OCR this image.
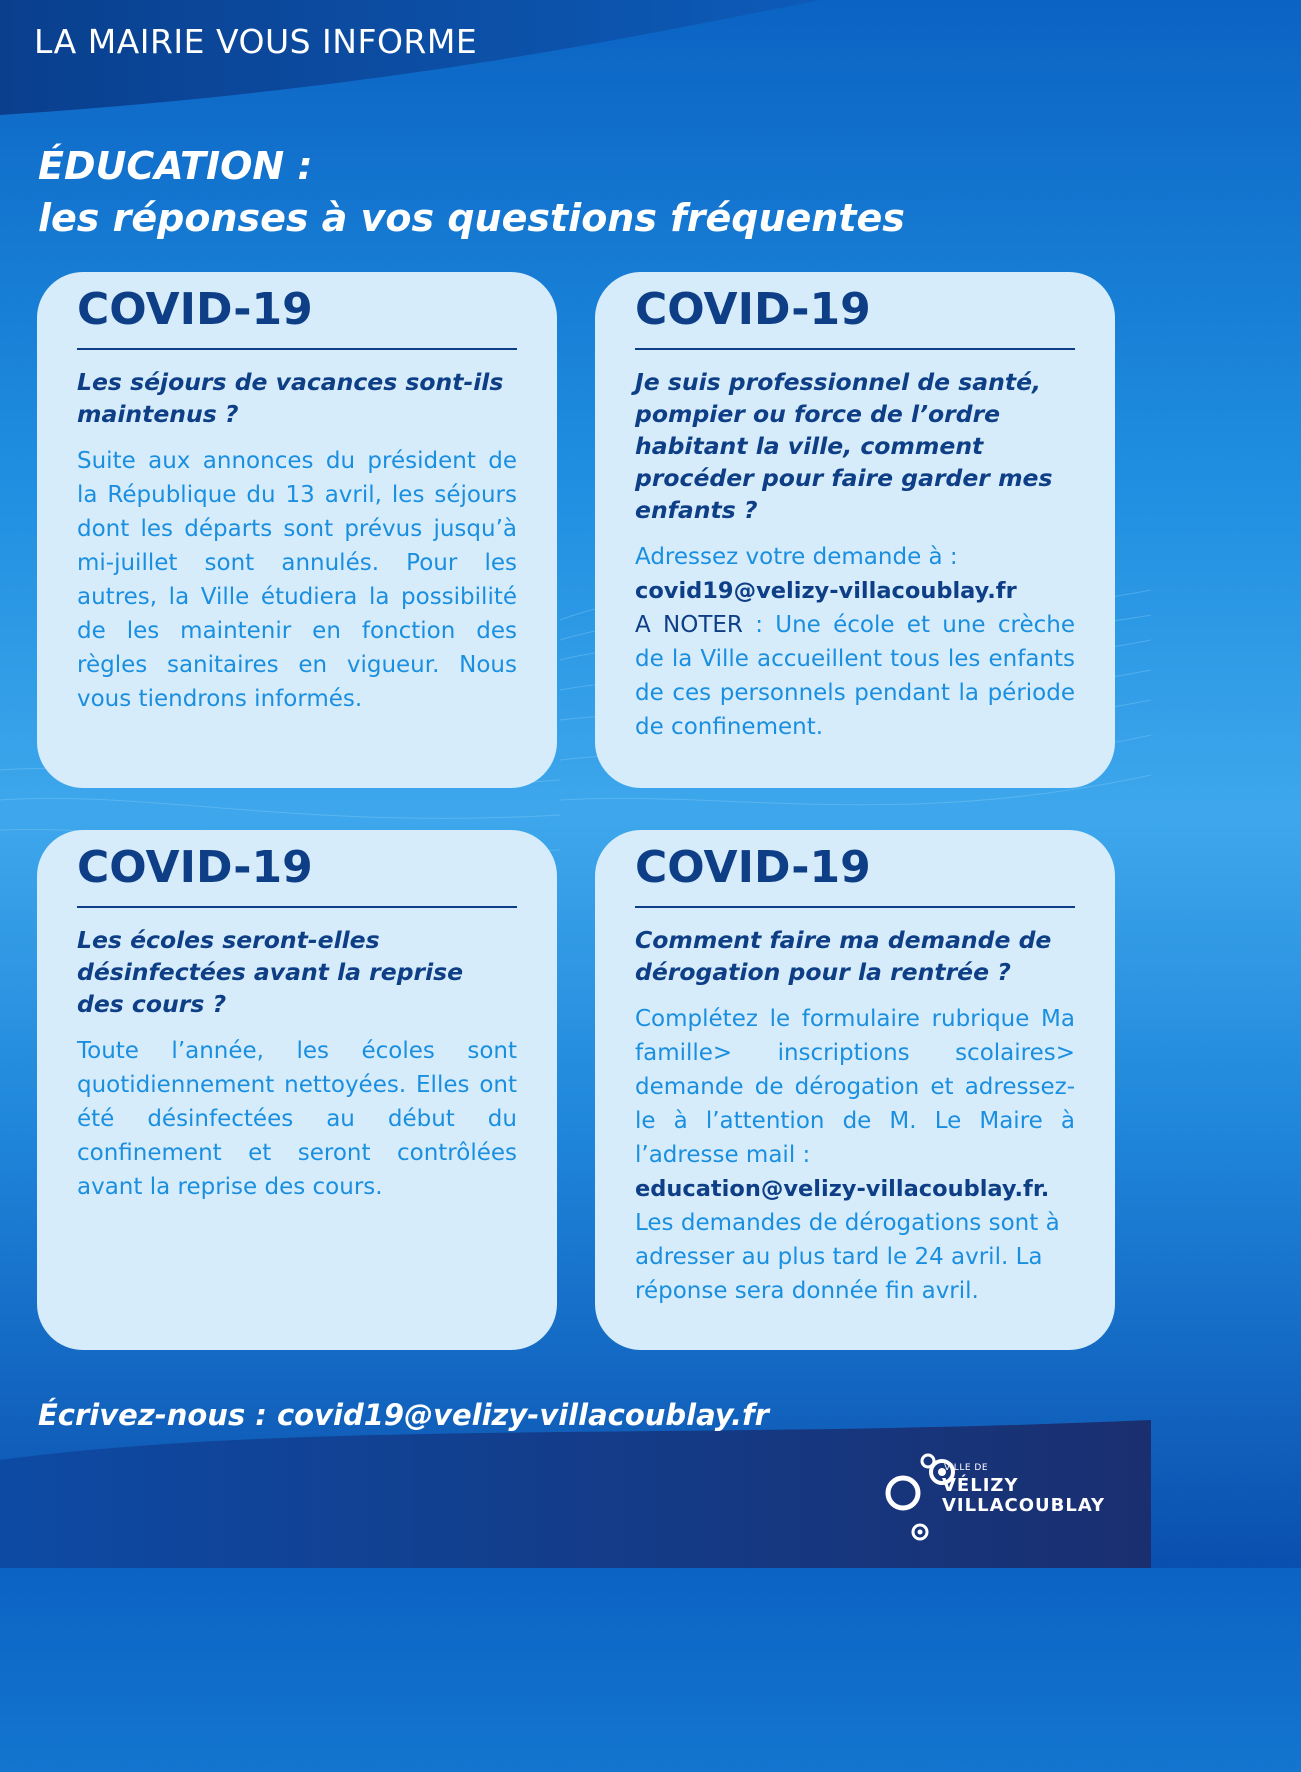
LA MAIRIE VOUS INFORME
ÉDUCATION :
les réponses à vos questions fréquentes
COVID-19
Les séjours de vacances sont-ils maintenus ?
Suite aux annonces du président de la République du 13 avril, les séjours dont les départs sont prévus jusqu’à mi-juillet sont annulés. Pour les autres, la Ville étudiera la possibilité de les maintenir en fonction des règles sanitaires en vigueur. Nous vous tiendrons informés.
COVID-19
Je suis professionnel de santé, pompier ou force de l’ordre habitant la ville, comment procéder pour faire garder mes enfants ?
Adressez votre demande à :
covid19@velizy-villacoublay.fr
A NOTER : Une école et une crèche de la Ville accueillent tous les enfants de ces personnels pendant la période de confinement.
COVID-19
Les écoles seront-elles désinfectées avant la reprise des cours ?
Toute l’année, les écoles sont quotidiennement nettoyées. Elles ont été désinfectées au début du confinement et seront contrôlées avant la reprise des cours.
COVID-19
Comment faire ma demande de dérogation pour la rentrée ?
Complétez le formulaire rubrique Ma famille> inscriptions scolaires> demande de dérogation et adressez-le à l’attention de M. Le Maire à l’adresse mail :
education@velizy-villacoublay.fr.
Les demandes de dérogations sont à adresser au plus tard le 24 avril. La réponse sera donnée fin avril.
Écrivez-nous : covid19@velizy-villacoublay.fr
VILLE DE
VÉLIZY
VILLACOUBLAY
